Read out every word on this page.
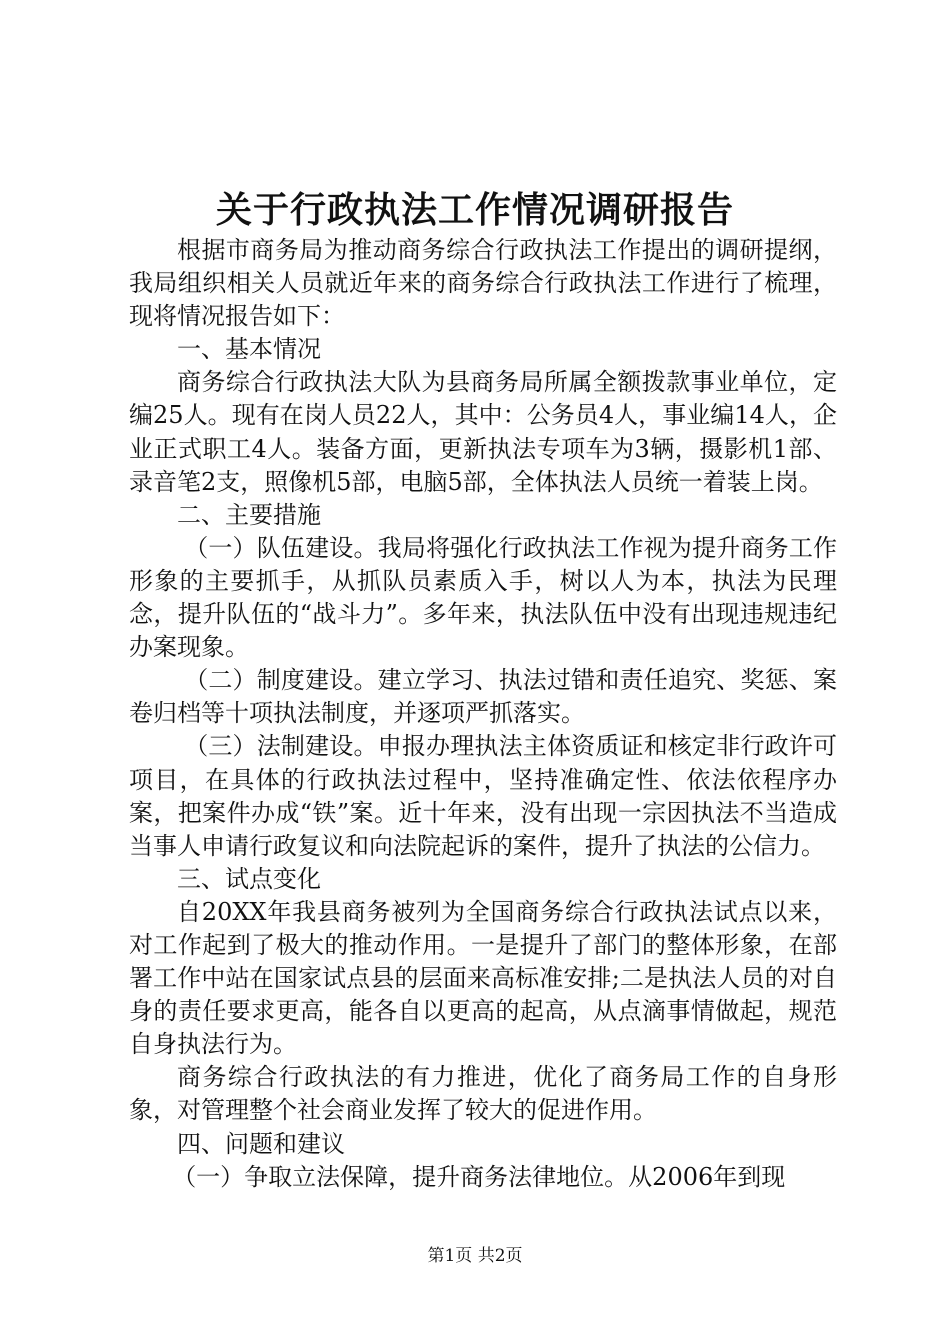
关于行政执法工作情况调研报告

根据市商务局为推动商务综合行政执法工作提出的调研提纲，我局组织相关人员就近年来的商务综合行政执法工作进行了梳理，现将情况报告如下：

一、基本情况

商务综合行政执法大队为县商务局所属全额拨款事业单位，定编25人。现有在岗人员22人，其中：公务员4人，事业编14人，企业正式职工4人。装备方面，更新执法专项车为3辆，摄影机1部、录音笔2支，照像机5部，电脑5部，全体执法人员统一着装上岗。

二、主要措施

（一）队伍建设。我局将强化行政执法工作视为提升商务工作形象的主要抓手，从抓队员素质入手，树以人为本，执法为民理念，提升队伍的“战斗力”。多年来，执法队伍中没有出现违规违纪办案现象。

（二）制度建设。建立学习、执法过错和责任追究、奖惩、案卷归档等十项执法制度，并逐项严抓落实。

（三）法制建设。申报办理执法主体资质证和核定非行政许可项目，在具体的行政执法过程中，坚持准确定性、依法依程序办案，把案件办成“铁”案。近十年来，没有出现一宗因执法不当造成当事人申请行政复议和向法院起诉的案件，提升了执法的公信力。

三、试点变化

自20XX年我县商务被列为全国商务综合行政执法试点以来，对工作起到了极大的推动作用。一是提升了部门的整体形象，在部署工作中站在国家试点县的层面来高标准安排;二是执法人员的对自身的责任要求更高，能各自以更高的起高，从点滴事情做起，规范自身执法行为。

商务综合行政执法的有力推进，优化了商务局工作的自身形象，对管理整个社会商业发挥了较大的促进作用。

四、问题和建议

（一）争取立法保障，提升商务法律地位。从2006年到现

第1页 共2页
